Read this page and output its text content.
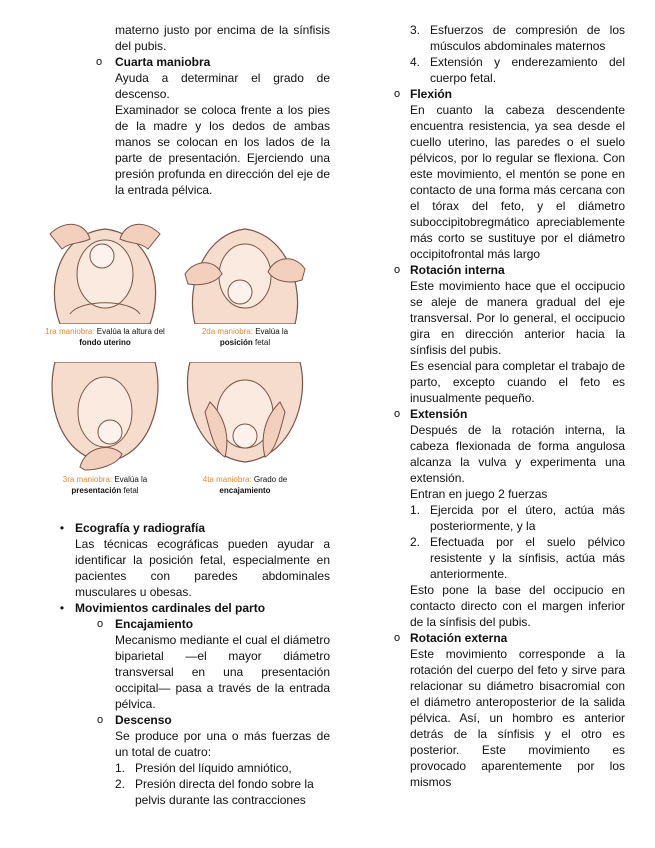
materno justo por encima de la sínfisis del pubis.

o	Cuarta maniobra

Ayuda a determinar el grado de descenso.

Examinador se coloca frente a los pies de la madre y los dedos de ambas manos se colocan en los lados de la parte de presentación. Ejerciendo una presión profunda en dirección del eje de la entrada pélvica.

1ra maniobra: Evalúa la altura del fondo uterino
2da maniobra: Evalúa la
posición fetal
3ra maniobra: Evalúa la
presentación fetal
4ta maniobra: Grado de
encajamiento
• Ecografía y radiografía

Las técnicas ecográficas pueden ayudar a identificar la posición fetal, especialmente en pacientes con paredes abdominales musculares u obesas.

• Movimientos cardinales del parto
o Encajamiento

Mecanismo mediante el cual el diámetro biparietal —el mayor diámetro transversal en una presentación occipital— pasa a través de la entrada pélvica.

o Descenso

Se produce por una o más fuerzas de un total de cuatro:

1. Presión del líquido amniótico,
2. Presión directa del fondo sobre la pelvis durante las contracciones
3. Esfuerzos de compresión de los músculos abdominales maternos
4. Extensión y enderezamiento del cuerpo fetal.
o Flexión

En cuanto la cabeza descendente encuentra resistencia, ya sea desde el cuello uterino, las paredes o el suelo pélvicos, por lo regular se flexiona. Con este movimiento, el mentón se pone en contacto de una forma más cercana con el tórax del feto, y el diámetro suboccipitobregmático apreciablemente más corto se sustituye por el diámetro occipitofrontal más largo

o Rotación interna

Este movimiento hace que el occipucio se aleje de manera gradual del eje transversal. Por lo general, el occipucio gira en dirección anterior hacia la sínfisis del pubis.

Es esencial para completar el trabajo de parto, excepto cuando el feto es inusualmente pequeño.

o Extensión

Después de la rotación interna, la cabeza flexionada de forma angulosa alcanza la vulva y experimenta una extensión.

Entran en juego 2 fuerzas

1. Ejercida por el útero, actúa más posteriormente, y la
2. Efectuada por el suelo pélvico resistente y la sínfisis, actúa más anteriormente.

Esto pone la base del occipucio en contacto directo con el margen inferior de la sínfisis del pubis.

o Rotación externa

Este movimiento corresponde a la rotación del cuerpo del feto y sirve para relacionar su diámetro bisacromial con el diámetro anteroposterior de la salida pélvica. Así, un hombro es anterior detrás de la sínfisis y el otro es posterior. Este movimiento es provocado aparentemente por los mismos
